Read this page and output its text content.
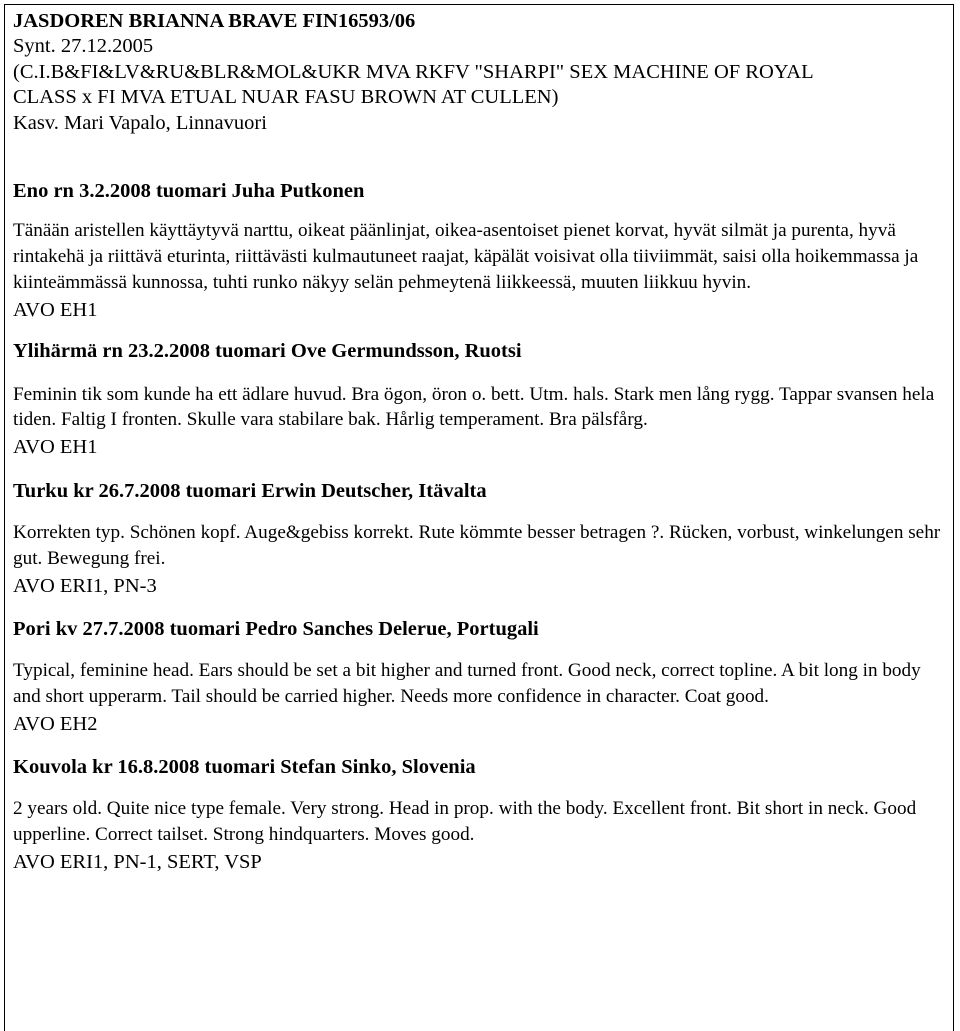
JASDOREN BRIANNA BRAVE FIN16593/06
Synt. 27.12.2005
(C.I.B&FI&LV&RU&BLR&MOL&UKR MVA RKFV "SHARPI" SEX MACHINE OF ROYAL
CLASS x FI MVA ETUAL NUAR FASU BROWN AT CULLEN)
Kasv. Mari Vapalo, Linnavuori
Eno rn 3.2.2008 tuomari Juha Putkonen
Tänään aristellen käyttäytyvä narttu, oikeat päänlinjat, oikea-asentoiset pienet korvat, hyvät silmät ja purenta, hyvä rintakehä ja riittävä eturinta, riittävästi kulmautuneet raajat, käpälät voisivat olla tiiviimmät, saisi olla hoikemmassa ja kiinteämmässä kunnossa, tuhti runko näkyy selän pehmeytenä liikkeessä, muuten liikkuu hyvin.
AVO EH1
Ylihärmä rn 23.2.2008 tuomari Ove Germundsson, Ruotsi
Feminin tik som kunde ha ett ädlare huvud. Bra ögon, öron o. bett. Utm. hals. Stark men lång rygg. Tappar svansen hela tiden. Faltig I fronten. Skulle vara stabilare bak. Hårlig temperament. Bra pälsfårg.
AVO EH1
Turku kr 26.7.2008 tuomari Erwin Deutscher, Itävalta
Korrekten typ. Schönen kopf. Auge&gebiss korrekt. Rute kömmte besser betragen ?. Rücken, vorbust, winkelungen sehr gut. Bewegung frei.
AVO ERI1, PN-3
Pori kv 27.7.2008 tuomari Pedro Sanches Delerue, Portugali
Typical, feminine head. Ears should be set a bit higher and turned front. Good neck, correct topline. A bit long in body and short upperarm. Tail should be carried higher. Needs more confidence in character. Coat good.
AVO EH2
Kouvola kr 16.8.2008 tuomari Stefan Sinko, Slovenia
2 years old. Quite nice type female. Very strong. Head in prop. with the body. Excellent front. Bit short in neck. Good upperline. Correct tailset. Strong hindquarters. Moves good.
AVO ERI1, PN-1, SERT, VSP
